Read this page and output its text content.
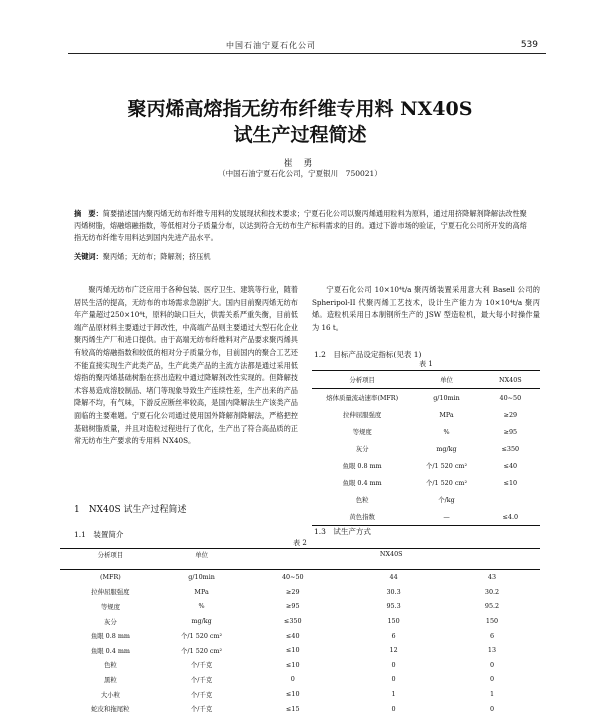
中国石油宁夏石化公司	539
聚丙烯高熔指无纺布纤维专用料 NX40S
试生产过程简述
崔 勇
（中国石油宁夏石化公司，宁夏银川　750021）
摘　要：简要描述国内聚丙烯无纺布纤维专用料的发展现状和技术要求；宁夏石化公司以聚丙烯通用粒料为原料，通过用挤降解剂降解法改性聚丙烯树脂，熔融熔融指数，等低相对分子质量分布，以达到符合无纺布生产标料需求的目的。通过下游市场的验证，宁夏石化公司所开发的高熔指无纺布纤维专用料达到国内先进产品水平。
关键词：聚丙烯；无纺布；降解剂；挤压机
聚丙烯无纺布广泛应用于各种包装、医疗卫生、建筑等行业，随着居民生活的提高，无纺布的市场需求急剧扩大。国内目前聚丙烯无纺布年产量超过250×10⁴t，原料的缺口巨大，供需关系严重失衡，目前低端产品原材料主要通过于卸改性，中高端产品则主要通过大型石化企业聚丙烯生产厂和进口提供。由于高端无纺布纤维料对产品要求聚丙烯具有较高的熔融指数和较低的相对分子质量分布，目前国内的聚合工艺还不能直接实现生产此类产品，生产此类产品的主流方法都是通过采用低熔指的聚丙烯基础树脂在挤出造粒中通过降解剂改性实现的。但降解技术容易造成溶胶制品、堵门等现象导致生产连续性差，生产出来的产品降解不均，有气味，下游反应断丝率较高，是国内降解法生产该类产品面临的主要难题。宁夏石化公司通过使用国外降解剂降解法，严格把控基础树脂质量，并且对造粒过程进行了优化，生产出了符合高品质的正常无纺布生产要求的专用料 NX40S。
宁夏石化公司 10×10⁴t/a 聚丙烯装置采用意大利 Basell 公司的 Spheripol-II 代聚丙烯工艺技术，设计生产能力为 10×10⁴t/a 聚丙烯。造粒机采用日本制钢所生产的 JSW 型造粒机，最大每小时操作量为 16 t。
1　NX40S 试生产过程简述
1.1　装置简介
1.2　目标产品设定指标(见表 1)
1.3　试生产方式
表 1
分析项目	单位	NX40S
熔体质量流动速率(MFR)	g/10min	40~50
拉伸屈服强度	MPa	≥29
等规度	%	≥95
灰分	mg/kg	≤350
鱼眼 0.8 mm	个/1 520 cm²	≤40
鱼眼 0.4 mm	个/1 520 cm²	≤10
色粒	个/kg	
黄色指数	—	≤4.0
表 2
分析项目	单位	NX40S		

(MFR)	g/10min	40~50	44	43
拉伸屈服强度	MPa	≥29	30.3	30.2
等规度	%	≥95	95.3	95.2
灰分	mg/kg	≤350	150	150
鱼眼 0.8 mm	个/1 520 cm²	≤40	6	6
鱼眼 0.4 mm	个/1 520 cm²	≤10	12	13
色粒	个/千克	≤10	0	0
黑粒	个/千克	0	0	0
大小粒	个/千克	≤10	1	1
蛇皮和拖尾粒	个/千克	≤15	0	0
